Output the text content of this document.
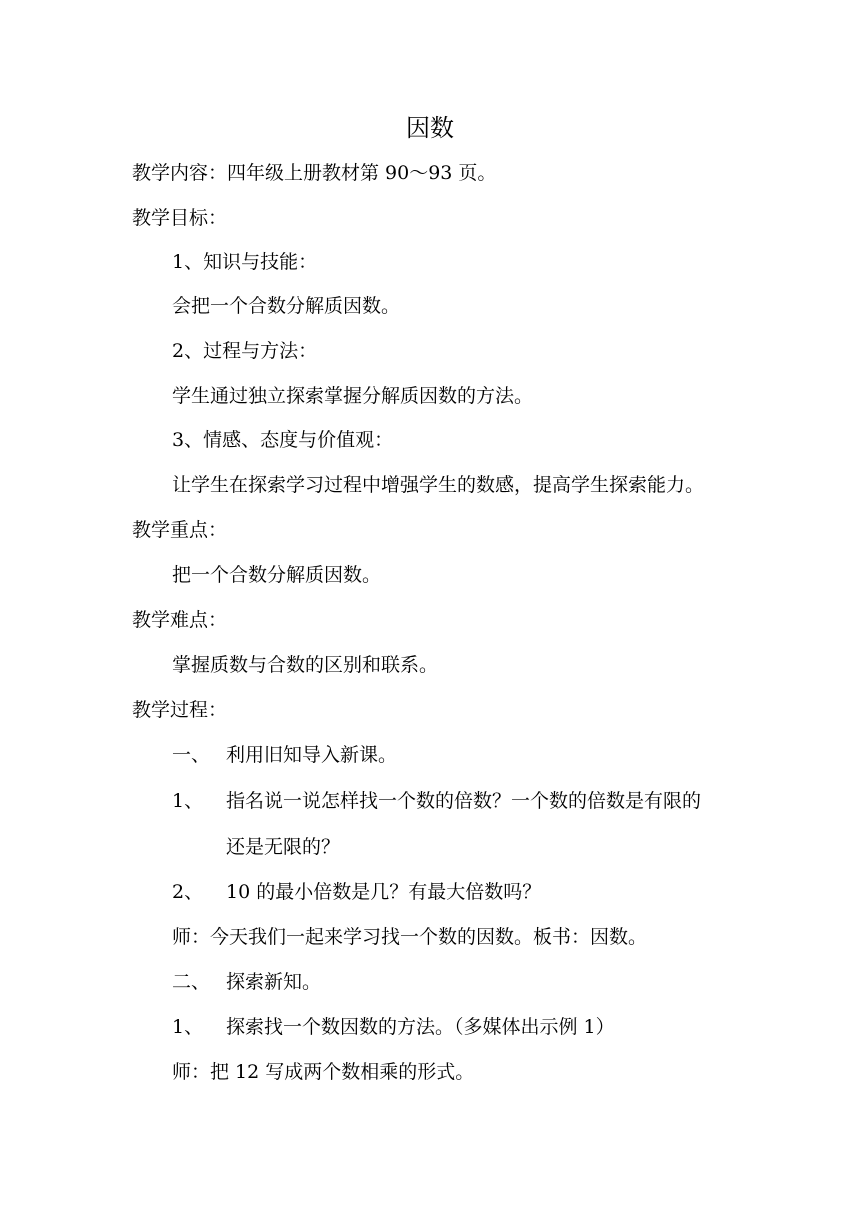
因数

教学内容：四年级上册教材第 90～93 页。

教学目标：

1、知识与技能：

会把一个合数分解质因数。

2、过程与方法：

学生通过独立探索掌握分解质因数的方法。

3、情感、态度与价值观：

让学生在探索学习过程中增强学生的数感，提高学生探索能力。

教学重点：

把一个合数分解质因数。

教学难点：

掌握质数与合数的区别和联系。

教学过程：

一、 利用旧知导入新课。
1、 指名说一说怎样找一个数的倍数？一个数的倍数是有限的
还是无限的？
2、 10 的最小倍数是几？有最大倍数吗？

师：今天我们一起来学习找一个数的因数。板书：因数。

二、 探索新知。
1、 探索找一个数因数的方法。（多媒体出示例 1）

师：把 12 写成两个数相乘的形式。
